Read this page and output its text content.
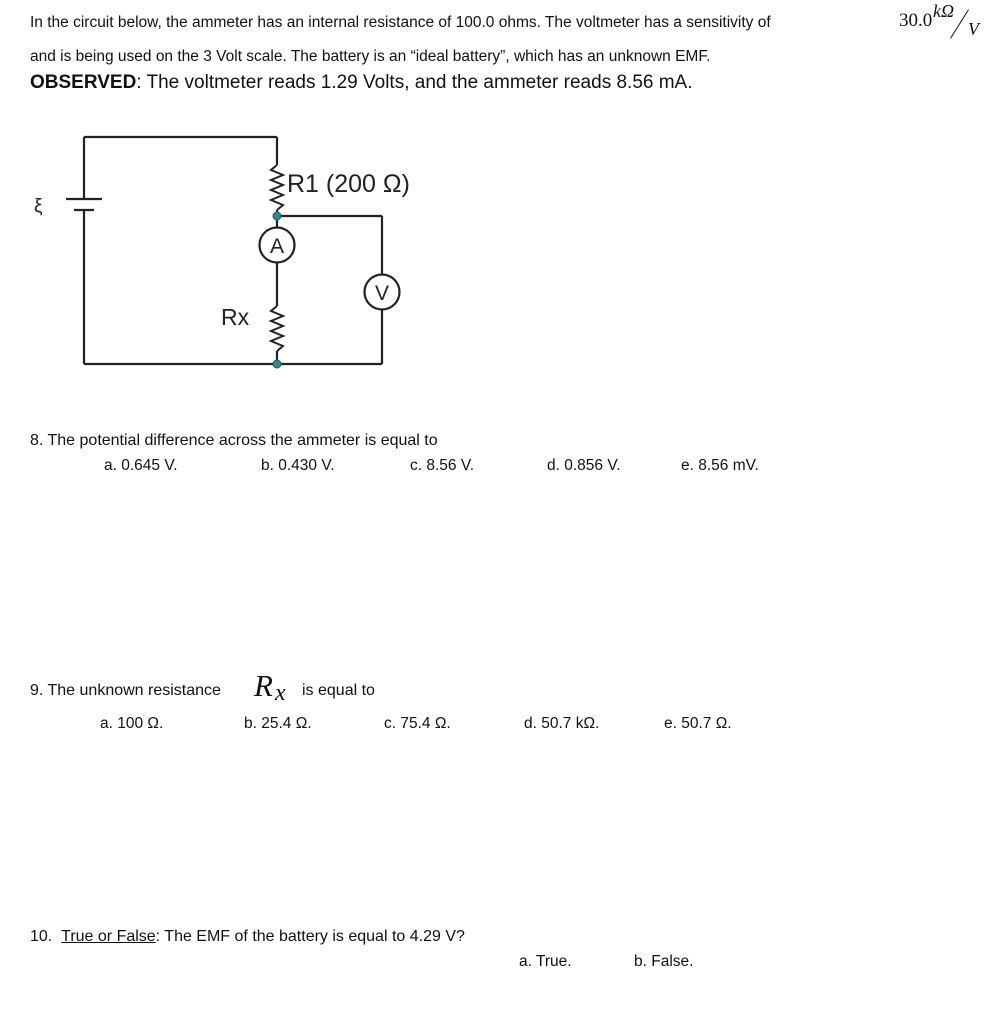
In the circuit below, the ammeter has an internal resistance of 100.0 ohms. The voltmeter has a sensitivity of	30.0 kΩ
V
and is being used on the 3 Volt scale. The battery is an “ideal battery”, which has an unknown EMF.
OBSERVED: The voltmeter reads 1.29 Volts, and the ammeter reads 8.56 mA.
ξ
R1 (200 Ω)
A
V
Rx
8. The potential difference across the ammeter is equal to
a. 0.645 V.	b. 0.430 V.	c. 8.56 V.	d. 0.856 V.	e. 8.56 mV.
9. The unknown resistance R x is equal to
a. 100 Ω.	b. 25.4 Ω.	c. 75.4 Ω.	d. 50.7 kΩ.	e. 50.7 Ω.
10. True or False: The EMF of the battery is equal to 4.29 V?
a. True.	b. False.
